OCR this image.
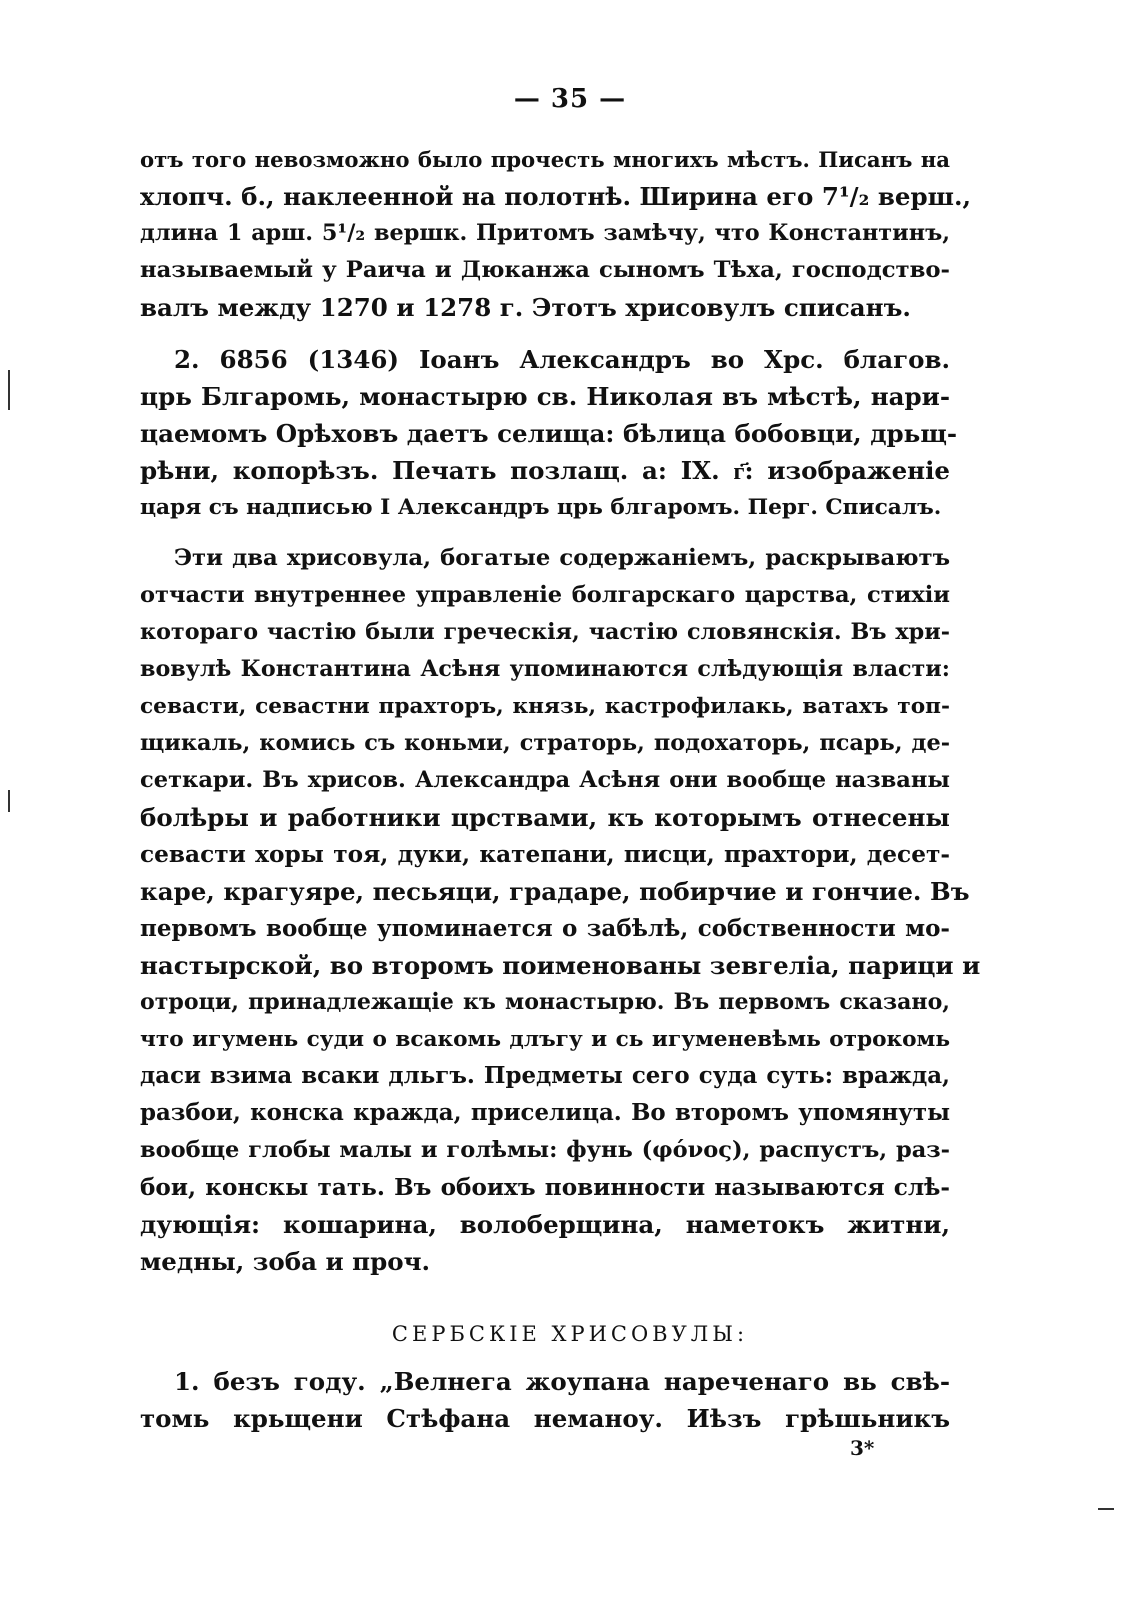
— 35 —
отъ того невозможно было прочесть многихъ мѣстъ. Писанъ на
хлопч. б., наклеенной на полотнѣ. Ширина его 7¹/₂ верш.,
длина 1 арш. 5¹/₂ вершк. Притомъ замѣчу, что Константинъ,
называемый у Раича и Дюканжа сыномъ Тѣха, господство-
валъ между 1270 и 1278 г. Этотъ хрисовулъ списанъ.
2. 6856 (1346) Іоанъ Александръ во Хрс. благов.
црь Блгаромь, монастырю св. Николая въ мѣстѣ, нари-
цаемомъ Орѣховъ даетъ селища: бѣлица бобовци, дрьщ-
рѣни, копорѣзъ. Печать позлащ. а: IX. г҃: изображеніе
царя съ надписью I Александръ црь блгаромъ. Перг. Списалъ.
Эти два хрисовула, богатые содержаніемъ, раскрываютъ
отчасти внутреннее управленіе болгарскаго царства, стихіи
котораго частію были греческія, частію словянскія. Въ хри-
вовулѣ Константина Асѣня упоминаются слѣдующія власти:
севасти, севастни прахторъ, князь, кастрофилакь, ватахъ топ-
щикаль, комись съ коньми, страторь, подохаторь, псарь, де-
сеткари. Въ хрисов. Александра Асѣня они вообще названы
болѣры и работники црствами, къ которымъ отнесены
севасти хоры тоя, дуки, катепани, писци, прахтори, десет-
каре, крагуяре, песьяци, градаре, побирчие и гончие. Въ
первомъ вообще упоминается о забѣлѣ, собственности мо-
настырской, во второмъ поименованы зевгеліа, парици и
отроци, принадлежащіе къ монастырю. Въ первомъ сказано,
что игумень суди о всакомь длъгу и сь игуменевѣмь отрокомь
даси взима всаки дльгъ. Предметы сего суда суть: вражда,
разбои, конска кражда, приселица. Во второмъ упомянуты
вообще глобы малы и голѣмы: фунь (φόνος), распустъ, раз-
бои, конскы тать. Въ обоихъ повинности называются слѣ-
дующія: кошарина, волоберщина, наметокъ житни,
медны, зоба и проч.
СЕРБСКІЕ ХРИСОВУЛЫ:
1. безъ году. „Велнега жоупана нареченаго вь свѣ-
томь крьщени Стѣфана неманоу. Иѣзъ грѣшьникъ
3*
